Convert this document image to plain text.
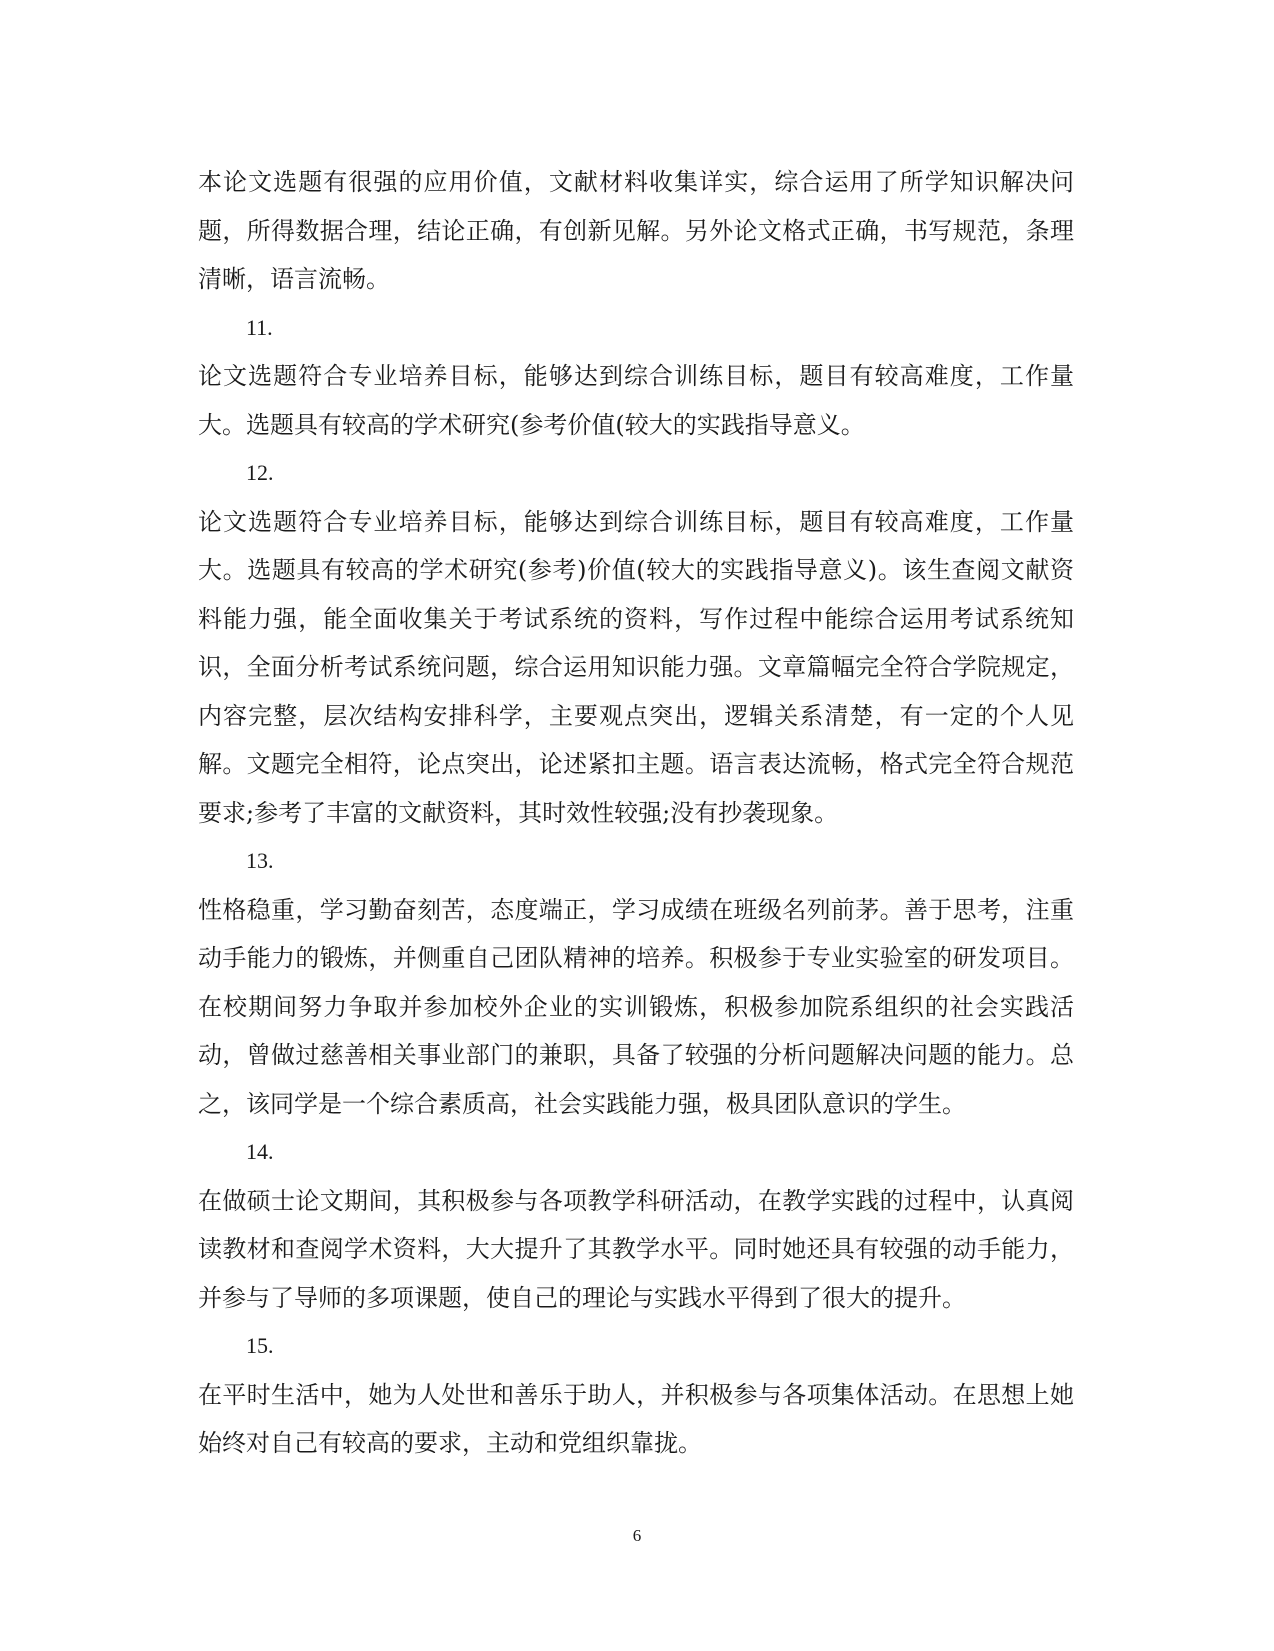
本论文选题有很强的应用价值，文献材料收集详实，综合运用了所学知识解决问题，所得数据合理，结论正确，有创新见解。另外论文格式正确，书写规范，条理清晰，语言流畅。

11.

论文选题符合专业培养目标，能够达到综合训练目标，题目有较高难度，工作量大。选题具有较高的学术研究(参考价值(较大的实践指导意义。

12.

论文选题符合专业培养目标，能够达到综合训练目标，题目有较高难度，工作量大。选题具有较高的学术研究(参考)价值(较大的实践指导意义)。该生查阅文献资料能力强，能全面收集关于考试系统的资料，写作过程中能综合运用考试系统知识，全面分析考试系统问题，综合运用知识能力强。文章篇幅完全符合学院规定，内容完整，层次结构安排科学，主要观点突出，逻辑关系清楚，有一定的个人见解。文题完全相符，论点突出，论述紧扣主题。语言表达流畅，格式完全符合规范要求;参考了丰富的文献资料，其时效性较强;没有抄袭现象。

13.

性格稳重，学习勤奋刻苦，态度端正，学习成绩在班级名列前茅。善于思考，注重动手能力的锻炼，并侧重自己团队精神的培养。积极参于专业实验室的研发项目。在校期间努力争取并参加校外企业的实训锻炼，积极参加院系组织的社会实践活动，曾做过慈善相关事业部门的兼职，具备了较强的分析问题解决问题的能力。总之，该同学是一个综合素质高，社会实践能力强，极具团队意识的学生。

14.

在做硕士论文期间，其积极参与各项教学科研活动，在教学实践的过程中，认真阅读教材和查阅学术资料，大大提升了其教学水平。同时她还具有较强的动手能力，并参与了导师的多项课题，使自己的理论与实践水平得到了很大的提升。

15.

在平时生活中，她为人处世和善乐于助人，并积极参与各项集体活动。在思想上她始终对自己有较高的要求，主动和党组织靠拢。

6
